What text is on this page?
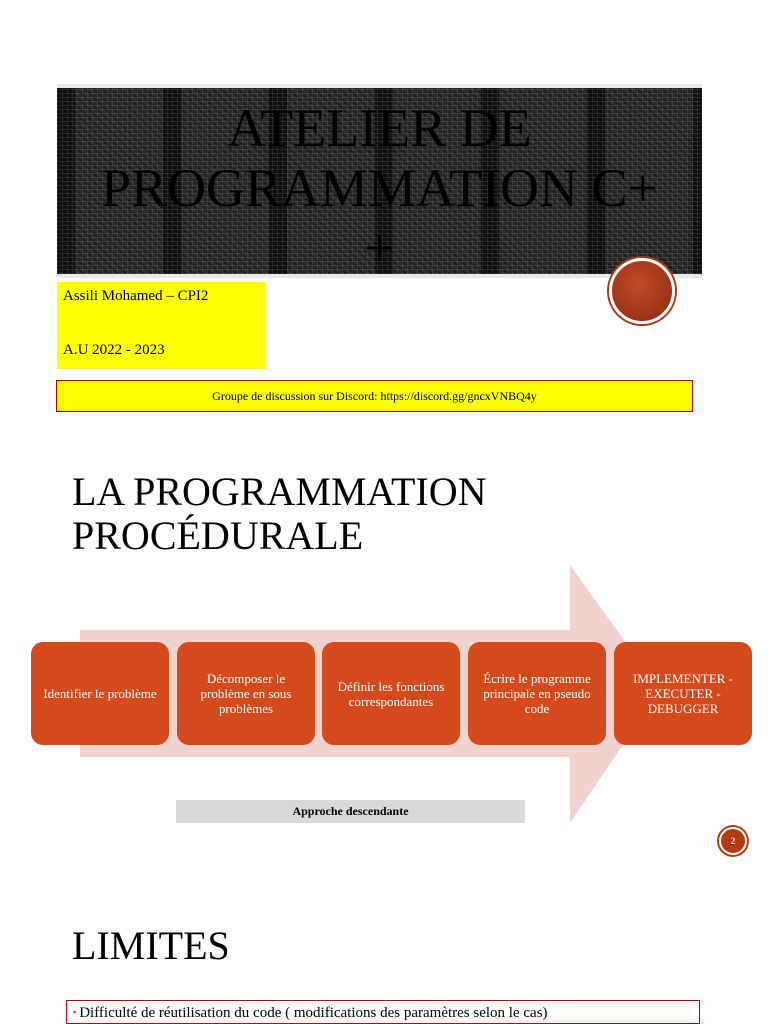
ATELIER DE
PROGRAMMATION C+
+
Assili Mohamed – CPI2
A.U 2022 - 2023
Groupe de discussion sur Discord: https://discord.gg/gncxVNBQ4y
LA PROGRAMMATION
PROCÉDURALE
Identifier le problème
Décomposer le problème en sous problèmes
Définir les fonctions correspondantes
Écrire le programme principale en pseudo code
IMPLEMENTER - EXECUTER - DEBUGGER
Approche descendante
2
LIMITES
▪ Difficulté de réutilisation du code ( modifications des paramètres selon le cas)
